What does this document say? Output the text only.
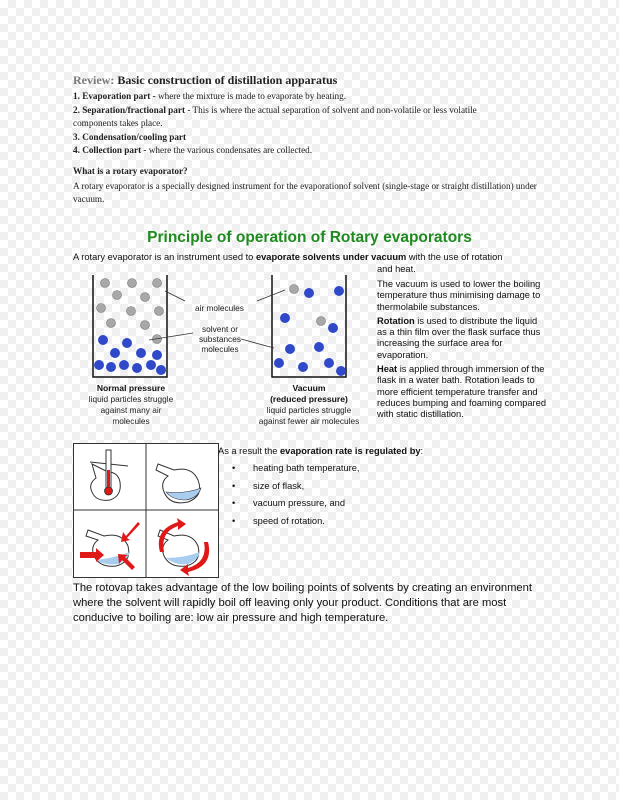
Review: Basic construction of distillation apparatus
1. Evaporation part - where the mixture is made to evaporate by heating.
2. Separation/fractional part - This is where the actual separation of solvent and non-volatile or less volatile components takes place.
3. Condensation/cooling part
4. Collection part - where the various condensates are collected.
What is a rotary evaporator?
A rotary evaporator is a specially designed instrument for the evaporationof solvent (single-stage or straight distillation) under vacuum.
Principle of operation of Rotary evaporators
A rotary evaporator is an instrument used to evaporate solvents under vacuum with the use of rotation
and heat.

The vacuum is used to lower the boiling temperature thus minimising damage to thermolabile substances.

Rotation is used to distribute the liquid as a thin film over the flask surface thus increasing the surface area for evaporation.

Heat is applied through immersion of the flask in a water bath. Rotation leads to more efficient temperature transfer and reduces bumping and foaming compared with static distillation.

air molecules
solvent or
substances
molecules
Normal pressure
liquid particles struggle
against many air
molecules
Vacuum
(reduced pressure)
liquid particles struggle
against fewer air molecules
As a result the evaporation rate is regulated by:
• heating bath temperature,
• size of flask,
• vacuum pressure, and
• speed of rotation.
The rotovap takes advantage of the low boiling points of solvents by creating an environment where the solvent will rapidly boil off leaving only your product. Conditions that are most conducive to boiling are: low air pressure and high temperature.
